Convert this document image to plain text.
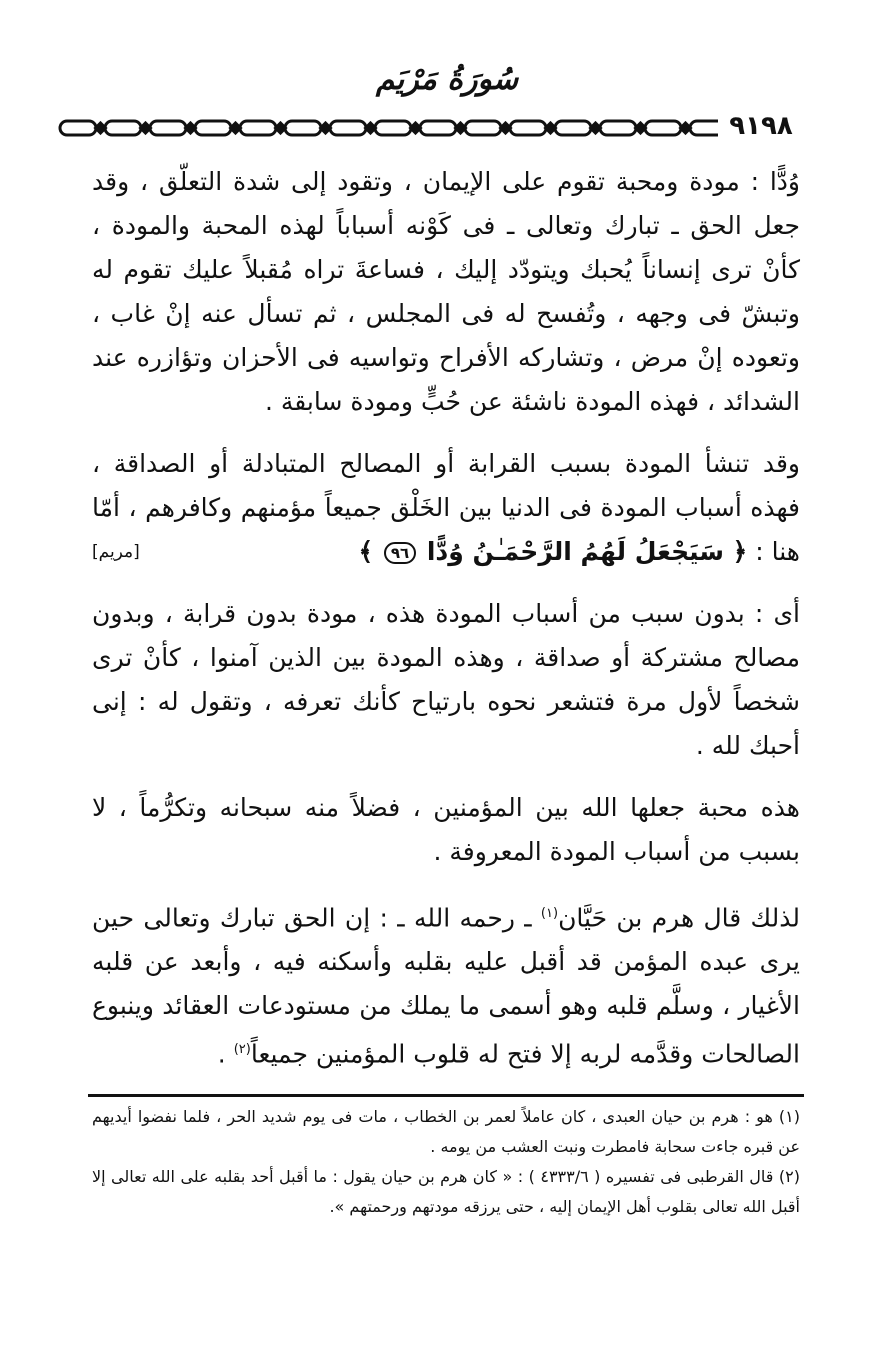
سُورَةُ مَرْيَم
٩١٩٨

وُدًّا : مودة ومحبة تقوم على الإيمان ، وتقود إلى شدة التعلّق ، وقد جعل الحق ـ تبارك وتعالى ـ فى كَوْنه أسباباً لهذه المحبة والمودة ، كأنْ ترى إنساناً يُحبك ويتودّد إليك ، فساعةَ تراه مُقبلاً عليك تقوم له وتبشّ فى وجهه ، وتُفسح له فى المجلس ، ثم تسأل عنه إنْ غاب ، وتعوده إنْ مرض ، وتشاركه الأفراح وتواسيه فى الأحزان وتؤازره عند الشدائد ، فهذه المودة ناشئة عن حُبٍّ ومودة سابقة .

وقد تنشأ المودة بسبب القرابة أو المصالح المتبادلة أو الصداقة ، فهذه أسباب المودة فى الدنيا بين الخَلْق جميعاً مؤمنهم وكافرهم ، أمّا هنا : ﴿ سَيَجْعَلُ لَهُمُ الرَّحْمَـٰنُ وُدًّا ٩٦ ﴾
[مريم]

أى : بدون سبب من أسباب المودة هذه ، مودة بدون قرابة ، وبدون مصالح مشتركة أو صداقة ، وهذه المودة بين الذين آمنوا ، كأنْ ترى شخصاً لأول مرة فتشعر نحوه بارتياح كأنك تعرفه ، وتقول له : إنى أحبك لله .

هذه محبة جعلها الله بين المؤمنين ، فضلاً منه سبحانه وتكرُّماً ، لا بسبب من أسباب المودة المعروفة .

لذلك قال هرم بن حَيَّان$^{(١)}$ ـ رحمه الله ـ : إن الحق تبارك وتعالى حين يرى عبده المؤمن قد أقبل عليه بقلبه وأسكنه فيه ، وأبعد عن قلبه الأغيار ، وسلَّم قلبه وهو أسمى ما يملك من مستودعات العقائد وينبوع الصالحات وقدَّمه لربه إلا فتح له قلوب المؤمنين جميعاً$^{(٢)}$ .

(١) هو : هرم بن حيان العبدى ، كان عاملاً لعمر بن الخطاب ، مات فى يوم شديد الحر ، فلما نفضوا أيديهم عن قبره جاءت سحابة فامطرت ونبت العشب من يومه .

(٢) قال القرطبى فى تفسيره ( ٤٣٣٣/٦ ) : « كان هرم بن حيان يقول : ما أقبل أحد بقلبه على الله تعالى إلا أقبل الله تعالى بقلوب أهل الإيمان إليه ، حتى يرزقه مودتهم ورحمتهم ».
